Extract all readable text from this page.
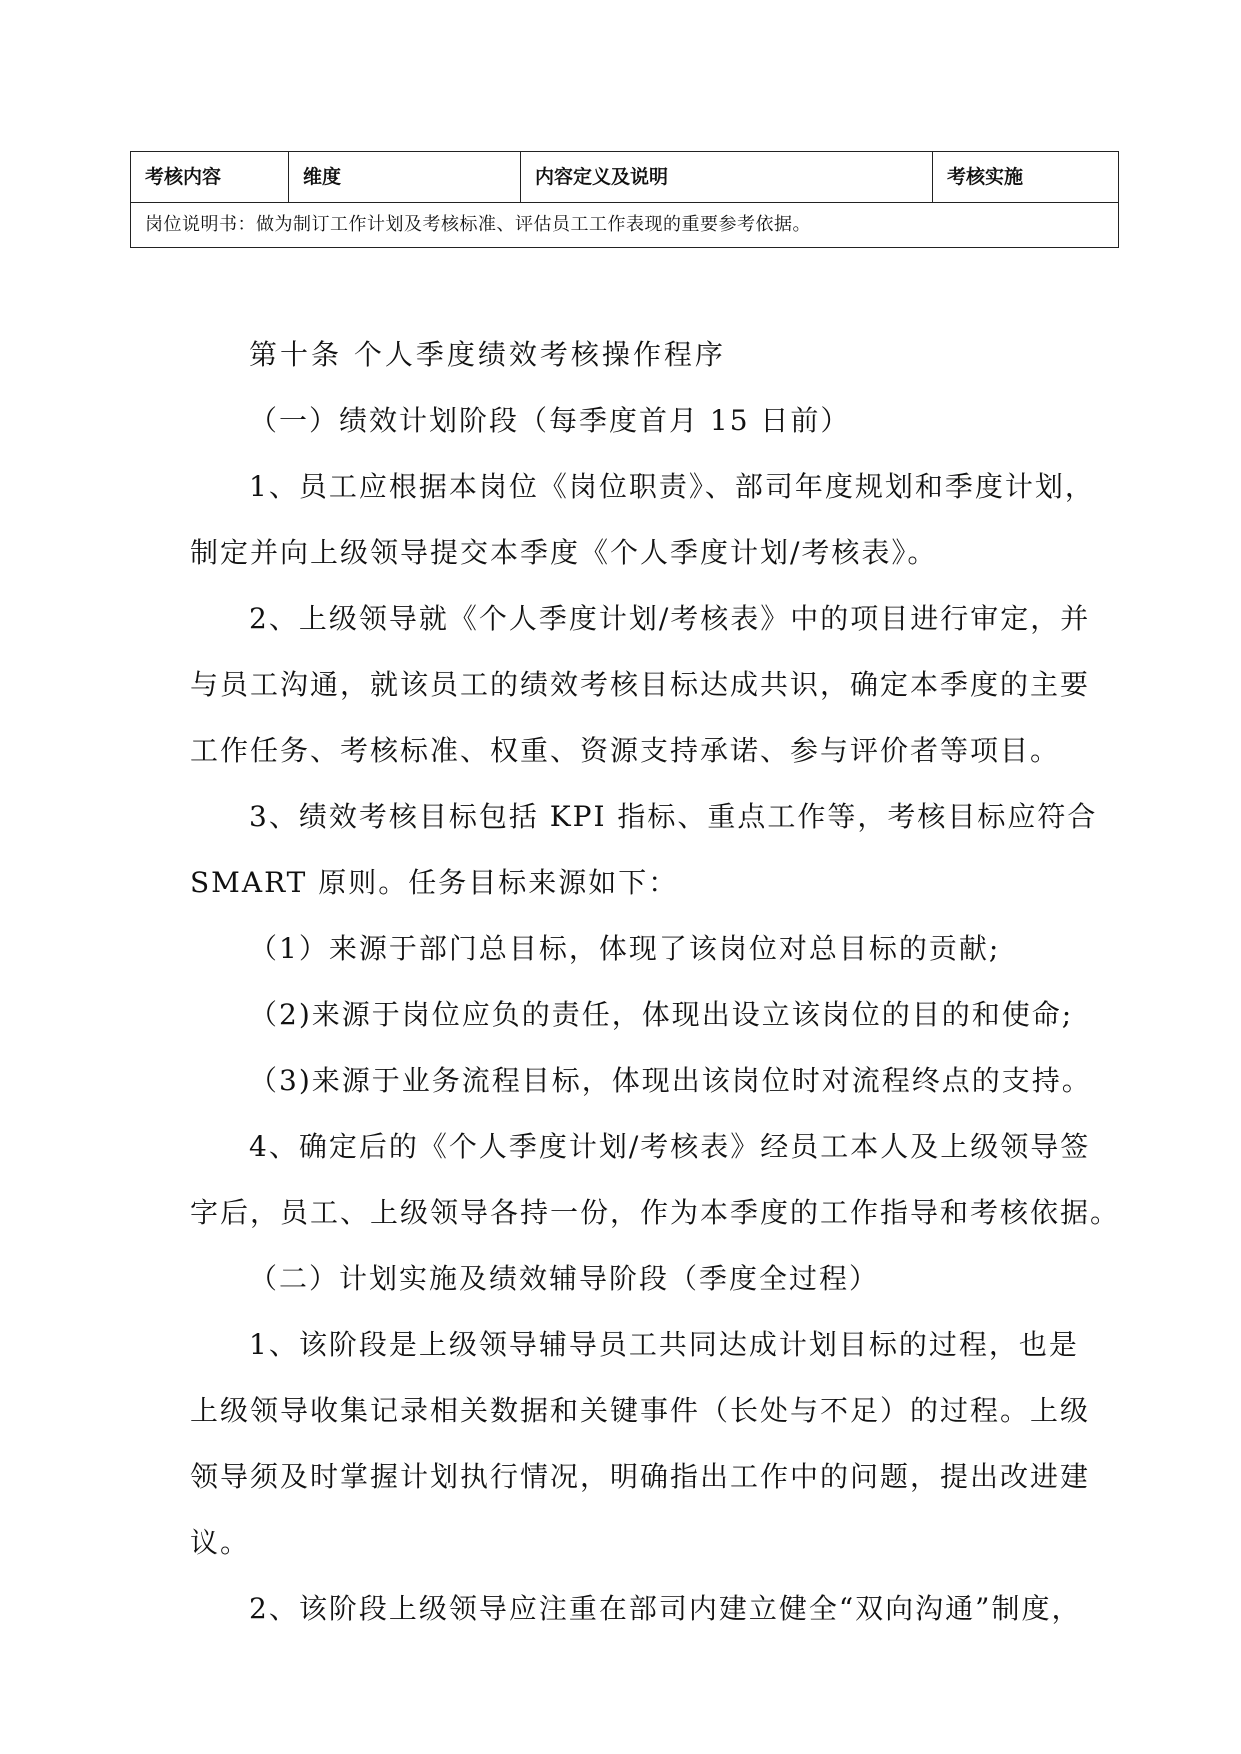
考核内容	维度	内容定义及说明	考核实施
岗位说明书：做为制订工作计划及考核标准、评估员工工作表现的重要参考依据。
第十条 个人季度绩效考核操作程序
（一）绩效计划阶段（每季度首月 15 日前）
1、员工应根据本岗位《岗位职责》、部司年度规划和季度计划，
制定并向上级领导提交本季度《个人季度计划/考核表》。
2、上级领导就《个人季度计划/考核表》中的项目进行审定，并
与员工沟通，就该员工的绩效考核目标达成共识，确定本季度的主要
工作任务、考核标准、权重、资源支持承诺、参与评价者等项目。
3、绩效考核目标包括 KPI 指标、重点工作等，考核目标应符合
SMART 原则。任务目标来源如下：
（1）来源于部门总目标，体现了该岗位对总目标的贡献;
（2)来源于岗位应负的责任，体现出设立该岗位的目的和使命;
（3)来源于业务流程目标，体现出该岗位时对流程终点的支持。
4、确定后的《个人季度计划/考核表》经员工本人及上级领导签
字后，员工、上级领导各持一份，作为本季度的工作指导和考核依据。
（二）计划实施及绩效辅导阶段（季度全过程）
1、该阶段是上级领导辅导员工共同达成计划目标的过程，也是
上级领导收集记录相关数据和关键事件（长处与不足）的过程。上级
领导须及时掌握计划执行情况，明确指出工作中的问题，提出改进建
议。
2、该阶段上级领导应注重在部司内建立健全“双向沟通”制度，
